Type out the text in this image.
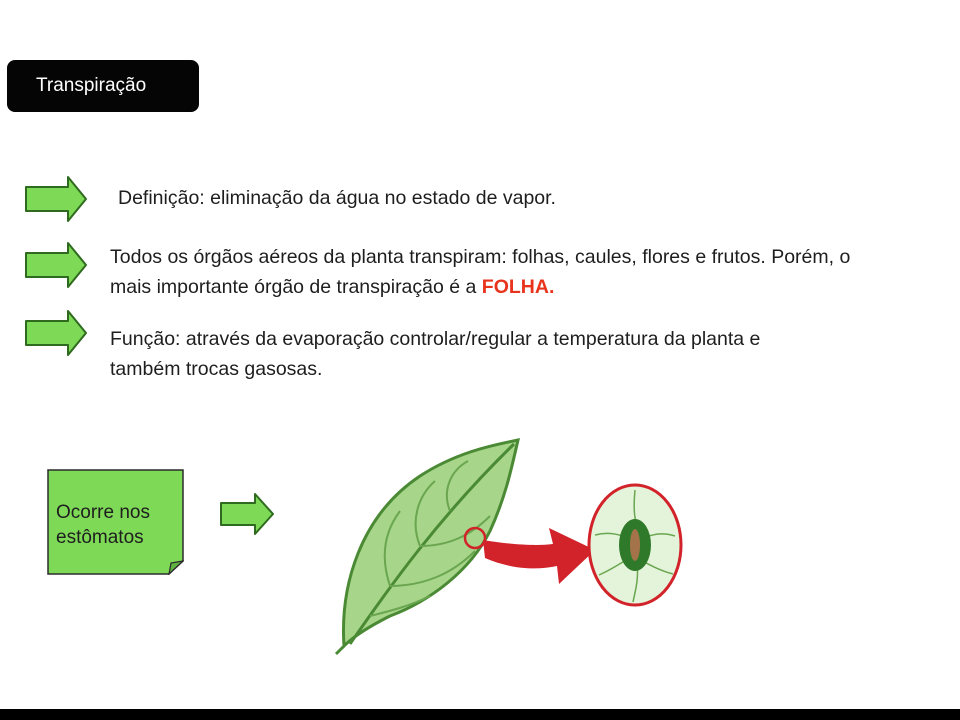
Transpiração
Definição: eliminação da água no estado de vapor.
Todos os órgãos aéreos da planta transpiram: folhas, caules, flores e frutos. Porém, o
mais importante órgão de transpiração é a FOLHA.
Função: através da evaporação controlar/regular a temperatura da planta e
também trocas gasosas.
Ocorre nos
estômatos
